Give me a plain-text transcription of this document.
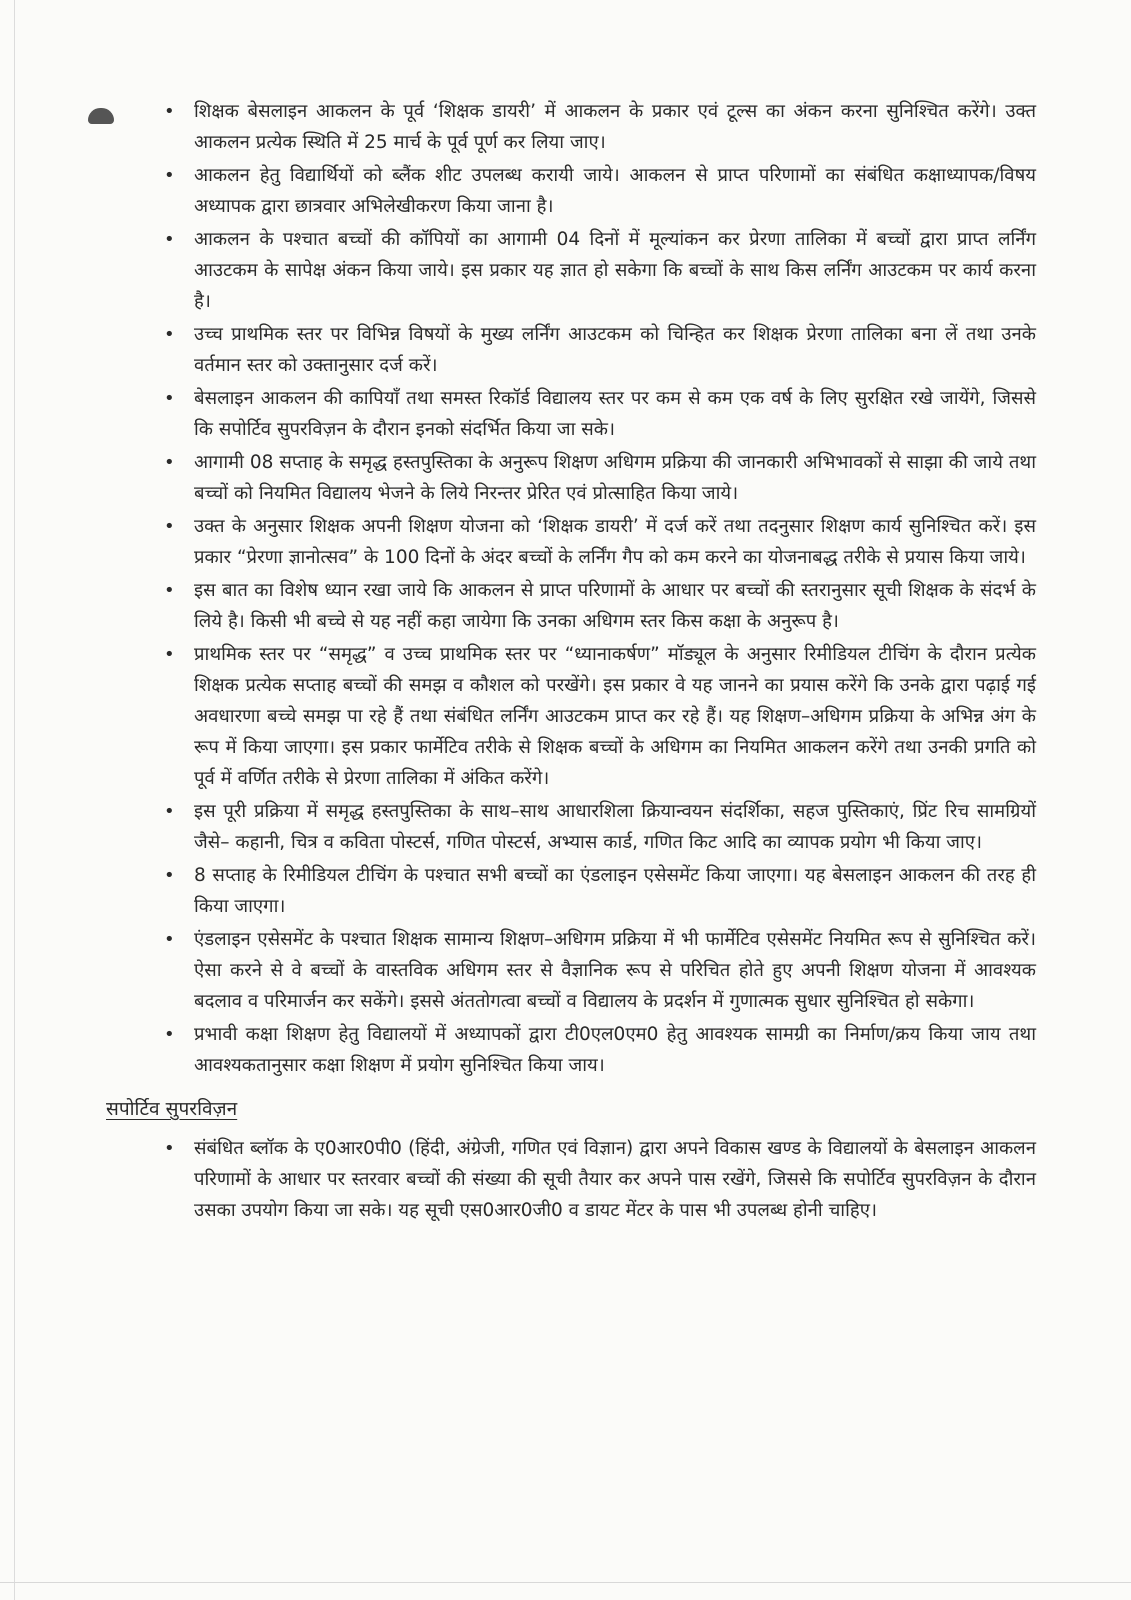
• शिक्षक बेसलाइन आकलन के पूर्व ‘शिक्षक डायरी’ में आकलन के प्रकार एवं टूल्स का अंकन करना सुनिश्चित करेंगे। उक्त आकलन प्रत्येक स्थिति में 25 मार्च के पूर्व पूर्ण कर लिया जाए।
• आकलन हेतु विद्यार्थियों को ब्लैंक शीट उपलब्ध करायी जाये। आकलन से प्राप्त परिणामों का संबंधित कक्षाध्यापक/विषय अध्यापक द्वारा छात्रवार अभिलेखीकरण किया जाना है।
• आकलन के पश्चात बच्चों की कॉपियों का आगामी 04 दिनों में मूल्यांकन कर प्रेरणा तालिका में बच्चों द्वारा प्राप्त लर्निंग आउटकम के सापेक्ष अंकन किया जाये। इस प्रकार यह ज्ञात हो सकेगा कि बच्चों के साथ किस लर्निंग आउटकम पर कार्य करना है।
• उच्च प्राथमिक स्तर पर विभिन्न विषयों के मुख्य लर्निंग आउटकम को चिन्हित कर शिक्षक प्रेरणा तालिका बना लें तथा उनके वर्तमान स्तर को उक्तानुसार दर्ज करें।
• बेसलाइन आकलन की कापियाँ तथा समस्त रिकॉर्ड विद्यालय स्तर पर कम से कम एक वर्ष के लिए सुरक्षित रखे जायेंगे, जिससे कि सपोर्टिव सुपरविज़न के दौरान इनको संदर्भित किया जा सके।
• आगामी 08 सप्ताह के समृद्ध हस्तपुस्तिका के अनुरूप शिक्षण अधिगम प्रक्रिया की जानकारी अभिभावकों से साझा की जाये तथा बच्चों को नियमित विद्यालय भेजने के लिये निरन्तर प्रेरित एवं प्रोत्साहित किया जाये।
• उक्त के अनुसार शिक्षक अपनी शिक्षण योजना को ‘शिक्षक डायरी’ में दर्ज करें तथा तदनुसार शिक्षण कार्य सुनिश्चित करें। इस प्रकार “प्रेरणा ज्ञानोत्सव” के 100 दिनों के अंदर बच्चों के लर्निंग गैप को कम करने का योजनाबद्ध तरीके से प्रयास किया जाये।
• इस बात का विशेष ध्यान रखा जाये कि आकलन से प्राप्त परिणामों के आधार पर बच्चों की स्तरानुसार सूची शिक्षक के संदर्भ के लिये है। किसी भी बच्चे से यह नहीं कहा जायेगा कि उनका अधिगम स्तर किस कक्षा के अनुरूप है।
• प्राथमिक स्तर पर “समृद्ध” व उच्च प्राथमिक स्तर पर “ध्यानाकर्षण” मॉड्यूल के अनुसार रिमीडियल टीचिंग के दौरान प्रत्येक शिक्षक प्रत्येक सप्ताह बच्चों की समझ व कौशल को परखेंगे। इस प्रकार वे यह जानने का प्रयास करेंगे कि उनके द्वारा पढ़ाई गई अवधारणा बच्चे समझ पा रहे हैं तथा संबंधित लर्निंग आउटकम प्राप्त कर रहे हैं। यह शिक्षण–अधिगम प्रक्रिया के अभिन्न अंग के रूप में किया जाएगा। इस प्रकार फार्मेटिव तरीके से शिक्षक बच्चों के अधिगम का नियमित आकलन करेंगे तथा उनकी प्रगति को पूर्व में वर्णित तरीके से प्रेरणा तालिका में अंकित करेंगे।
• इस पूरी प्रक्रिया में समृद्ध हस्तपुस्तिका के साथ–साथ आधारशिला क्रियान्वयन संदर्शिका, सहज पुस्तिकाएं, प्रिंट रिच सामग्रियों जैसे– कहानी, चित्र व कविता पोस्टर्स, गणित पोस्टर्स, अभ्यास कार्ड, गणित किट आदि का व्यापक प्रयोग भी किया जाए।
• 8 सप्ताह के रिमीडियल टीचिंग के पश्चात सभी बच्चों का एंडलाइन एसेसमेंट किया जाएगा। यह बेसलाइन आकलन की तरह ही किया जाएगा।
• एंडलाइन एसेसमेंट के पश्चात शिक्षक सामान्य शिक्षण–अधिगम प्रक्रिया में भी फार्मेटिव एसेसमेंट नियमित रूप से सुनिश्चित करें। ऐसा करने से वे बच्चों के वास्तविक अधिगम स्तर से वैज्ञानिक रूप से परिचित होते हुए अपनी शिक्षण योजना में आवश्यक बदलाव व परिमार्जन कर सकेंगे। इससे अंततोगत्वा बच्चों व विद्यालय के प्रदर्शन में गुणात्मक सुधार सुनिश्चित हो सकेगा।
• प्रभावी कक्षा शिक्षण हेतु विद्यालयों में अध्यापकों द्वारा टी0एल0एम0 हेतु आवश्यक सामग्री का निर्माण/क्रय किया जाय तथा आवश्यकतानुसार कक्षा शिक्षण में प्रयोग सुनिश्चित किया जाय।
सपोर्टिव सुपरविज़न
• संबंधित ब्लॉक के ए0आर0पी0 (हिंदी, अंग्रेजी, गणित एवं विज्ञान) द्वारा अपने विकास खण्ड के विद्यालयों के बेसलाइन आकलन परिणामों के आधार पर स्तरवार बच्चों की संख्या की सूची तैयार कर अपने पास रखेंगे, जिससे कि सपोर्टिव सुपरविज़न के दौरान उसका उपयोग किया जा सके। यह सूची एस0आर0जी0 व डायट मेंटर के पास भी उपलब्ध होनी चाहिए।
